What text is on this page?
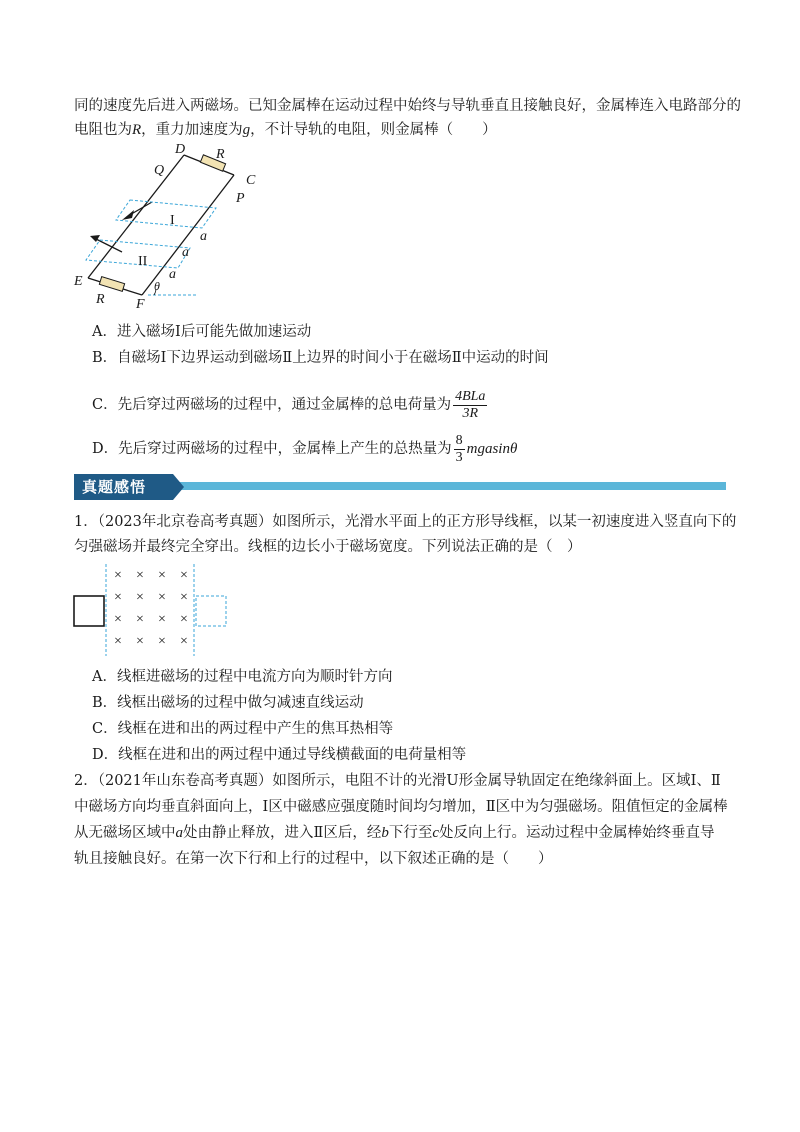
同的速度先后进入两磁场。已知金属棒在运动过程中始终与导轨垂直且接触良好，金属棒连入电路部分的
电阻也为R，重力加速度为g，不计导轨的电阻，则金属棒（　　）
D R
Q
C
P
a
a
a
θ
E
R F
I
II
A．进入磁场Ⅰ后可能先做加速运动
B．自磁场Ⅰ下边界运动到磁场Ⅱ上边界的时间小于在磁场Ⅱ中运动的时间
C．先后穿过两磁场的过程中，通过金属棒的总电荷量为 $\frac{\text{4BLa}}{3R}$
D．先后穿过两磁场的过程中，金属棒上产生的总热量为 $\frac{8}{3}$ mgasinθ
真题感悟
1．（2023年北京卷高考真题）如图所示，光滑水平面上的正方形导线框，以某一初速度进入竖直向下的
匀强磁场并最终完全穿出。线框的边长小于磁场宽度。下列说法正确的是（　）
× × × ×
× × × ×
× × × ×
× × × ×
A．线框进磁场的过程中电流方向为顺时针方向
B．线框出磁场的过程中做匀减速直线运动
C．线框在进和出的两过程中产生的焦耳热相等
D．线框在进和出的两过程中通过导线横截面的电荷量相等
2．（2021年山东卷高考真题）如图所示，电阻不计的光滑U形金属导轨固定在绝缘斜面上。区域Ⅰ、Ⅱ
中磁场方向均垂直斜面向上，Ⅰ区中磁感应强度随时间均匀增加，Ⅱ区中为匀强磁场。阻值恒定的金属棒
从无磁场区域中a处由静止释放，进入Ⅱ区后，经b下行至c处反向上行。运动过程中金属棒始终垂直导
轨且接触良好。在第一次下行和上行的过程中，以下叙述正确的是（　　）
